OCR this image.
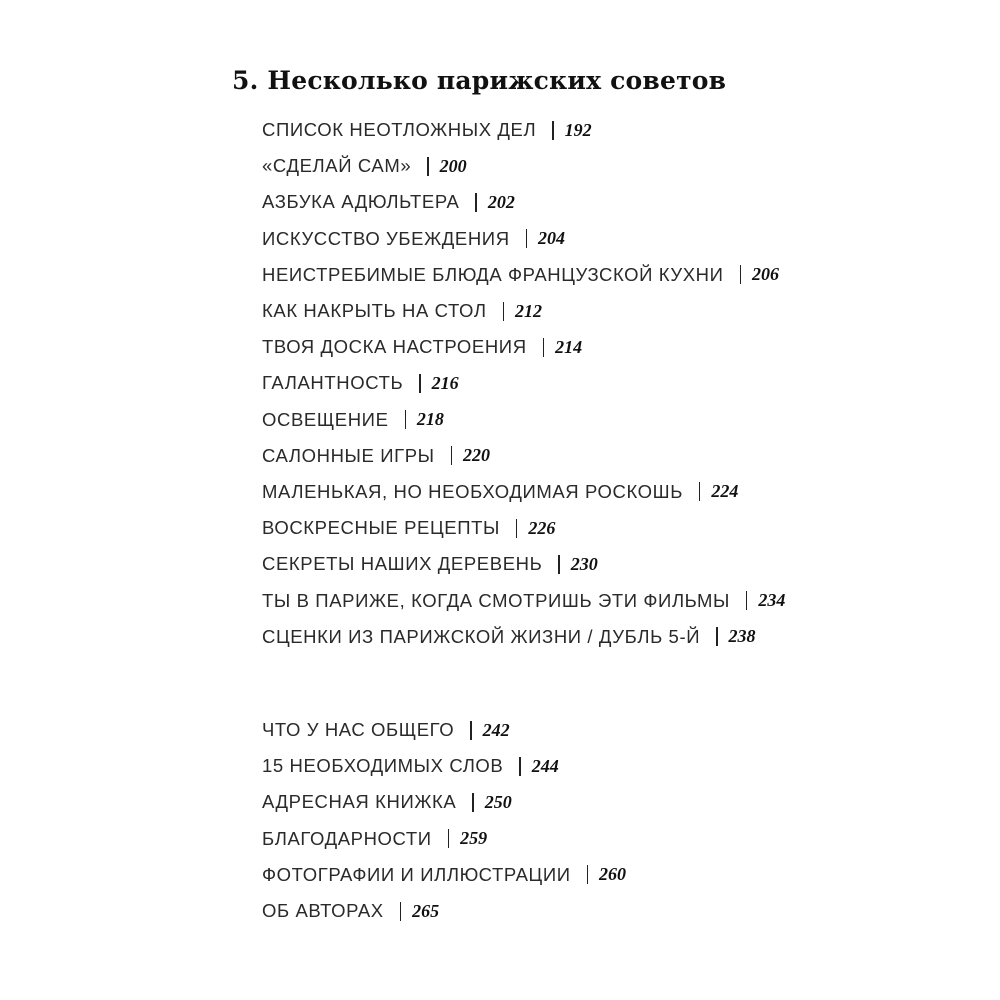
5. Несколько парижских советов
СПИСОК НЕОТЛОЖНЫХ ДЕЛ 192
«СДЕЛАЙ САМ» 200
АЗБУКА АДЮЛЬТЕРА 202
ИСКУССТВО УБЕЖДЕНИЯ 204
НЕИСТРЕБИМЫЕ БЛЮДА ФРАНЦУЗСКОЙ КУХНИ 206
КАК НАКРЫТЬ НА СТОЛ 212
ТВОЯ ДОСКА НАСТРОЕНИЯ 214
ГАЛАНТНОСТЬ 216
ОСВЕЩЕНИЕ 218
САЛОННЫЕ ИГРЫ 220
МАЛЕНЬКАЯ, НО НЕОБХОДИМАЯ РОСКОШЬ 224
ВОСКРЕСНЫЕ РЕЦЕПТЫ 226
СЕКРЕТЫ НАШИХ ДЕРЕВЕНЬ 230
ТЫ В ПАРИЖЕ, КОГДА СМОТРИШЬ ЭТИ ФИЛЬМЫ 234
СЦЕНКИ ИЗ ПАРИЖСКОЙ ЖИЗНИ / ДУБЛЬ 5-Й 238
ЧТО У НАС ОБЩЕГО 242
15 НЕОБХОДИМЫХ СЛОВ 244
АДРЕСНАЯ КНИЖКА 250
БЛАГОДАРНОСТИ 259
ФОТОГРАФИИ И ИЛЛЮСТРАЦИИ 260
ОБ АВТОРАХ 265
